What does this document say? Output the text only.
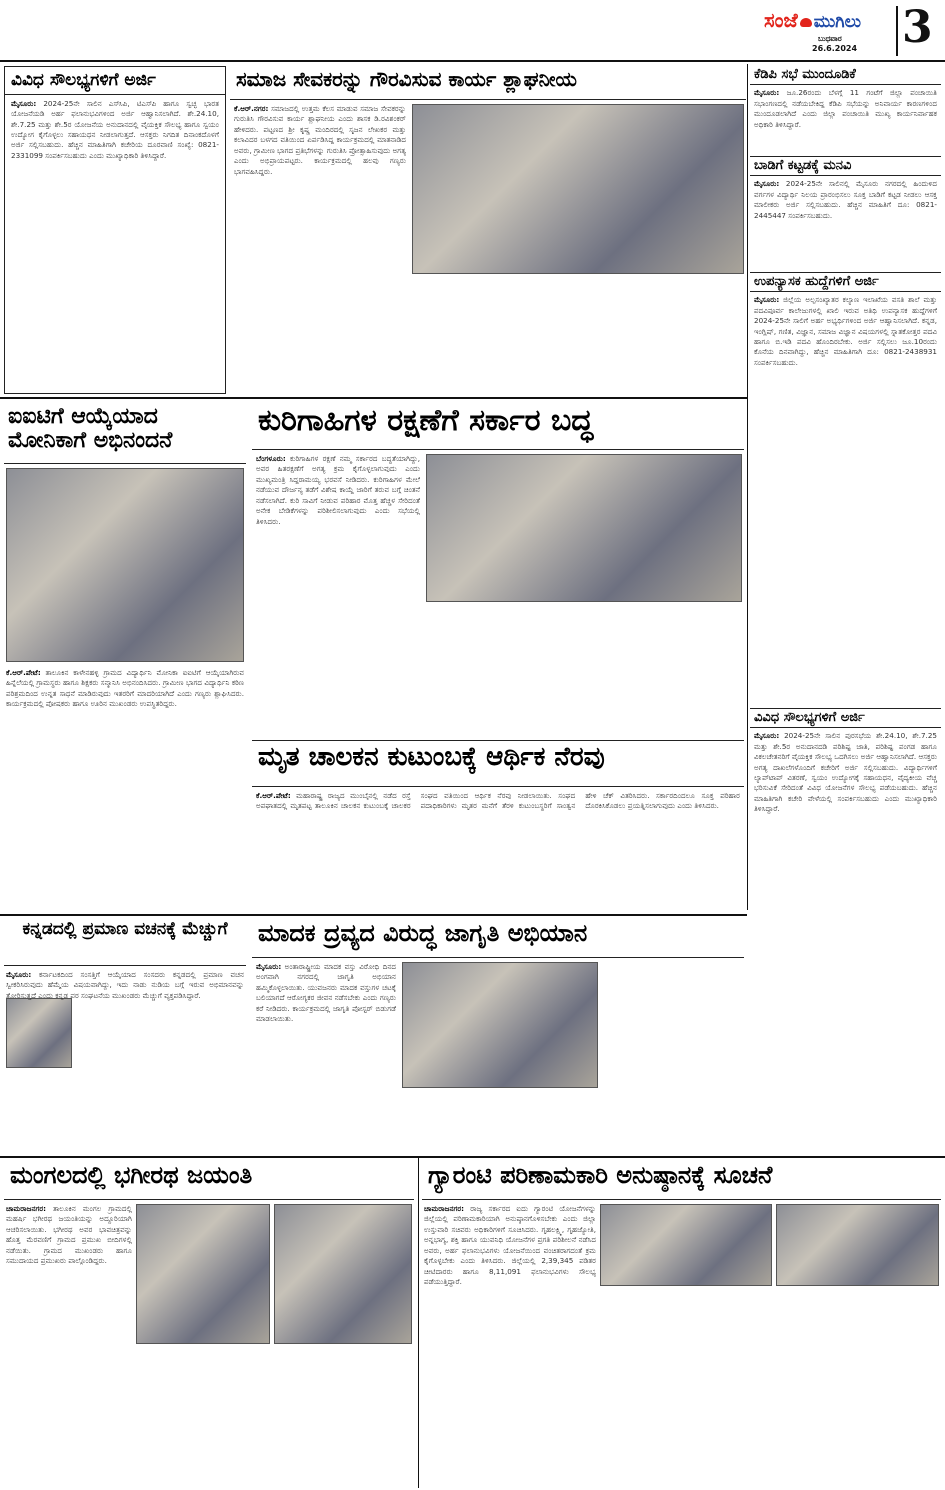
ಸಂಜೆ ಮುಗಿಲು
ಬುಧವಾರ
26.6.2024 3
ವಿವಿಧ ಸೌಲಭ್ಯಗಳಿಗೆ ಅರ್ಜಿ
ಮೈಸೂರು: 2024-25ನೇ ಸಾಲಿನ ಎಸ್‍ಸಿಪಿ, ಟಿಎಸ್‍ಪಿ ಹಾಗೂ ಸ್ವಚ್ಛ ಭಾರತ ಯೋಜನೆಯಡಿ ಅರ್ಹ ಫಲಾನುಭವಿಗಳಿಂದ ಅರ್ಜಿ ಆಹ್ವಾನಿಸಲಾಗಿದೆ. ಶೇ.24.10, ಶೇ.7.25 ಮತ್ತು ಶೇ.5ರ ಯೋಜನೆಯ ಅನುದಾನದಲ್ಲಿ ವೈಯಕ್ತಿಕ ಸೌಲಭ್ಯ ಹಾಗೂ ಸ್ವಯಂ ಉದ್ಯೋಗ ಕೈಗೊಳ್ಳಲು ಸಹಾಯಧನ ನೀಡಲಾಗುತ್ತದೆ. ಆಸಕ್ತರು ನಿಗದಿತ ದಿನಾಂಕದೊಳಗೆ ಅರ್ಜಿ ಸಲ್ಲಿಸಬಹುದು. ಹೆಚ್ಚಿನ ಮಾಹಿತಿಗಾಗಿ ಕಚೇರಿಯ ದೂರವಾಣಿ ಸಂಖ್ಯೆ: 0821-2331099 ಸಂಪರ್ಕಿಸಬಹುದು ಎಂದು ಮುಖ್ಯಾಧಿಕಾರಿ ತಿಳಿಸಿದ್ದಾರೆ.
ಸಮಾಜ ಸೇವಕರನ್ನು ಗೌರವಿಸುವ ಕಾರ್ಯ ಶ್ಲಾಘನೀಯ
ಕೆ.ಆರ್.ನಗರ: ಸಮಾಜದಲ್ಲಿ ಉತ್ತಮ ಕೆಲಸ ಮಾಡುವ ಸಮಾಜ ಸೇವಕರನ್ನು ಗುರುತಿಸಿ ಗೌರವಿಸುವ ಕಾರ್ಯ ಶ್ಲಾಘನೀಯ ಎಂದು ಶಾಸಕ ಡಿ.ರವಿಶಂಕರ್ ಹೇಳಿದರು. ಪಟ್ಟಣದ ಶ್ರೀ ಕೃಷ್ಣ ಮಂದಿರದಲ್ಲಿ ಸೃಜನ ಲೇಖಕರ ಮತ್ತು ಕಲಾವಿದರ ಬಳಗದ ವತಿಯಿಂದ ಏರ್ಪಡಿಸಿದ್ದ ಕಾರ್ಯಕ್ರಮದಲ್ಲಿ ಮಾತನಾಡಿದ ಅವರು, ಗ್ರಾಮೀಣ ಭಾಗದ ಪ್ರತಿಭೆಗಳನ್ನು ಗುರುತಿಸಿ ಪ್ರೋತ್ಸಾಹಿಸುವುದು ಅಗತ್ಯ ಎಂದು ಅಭಿಪ್ರಾಯಪಟ್ಟರು. ಕಾರ್ಯಕ್ರಮದಲ್ಲಿ ಹಲವು ಗಣ್ಯರು ಭಾಗವಹಿಸಿದ್ದರು.
ಕೆಡಿಪಿ ಸಭೆ ಮುಂದೂಡಿಕೆ
ಮೈಸೂರು: ಜೂ.26ರಂದು ಬೆಳಗ್ಗೆ 11 ಗಂಟೆಗೆ ಜಿಲ್ಲಾ ಪಂಚಾಯಿತಿ ಸಭಾಂಗಣದಲ್ಲಿ ನಡೆಯಬೇಕಿದ್ದ ಕೆಡಿಪಿ ಸಭೆಯನ್ನು ಅನಿವಾರ್ಯ ಕಾರಣಗಳಿಂದ ಮುಂದೂಡಲಾಗಿದೆ ಎಂದು ಜಿಲ್ಲಾ ಪಂಚಾಯಿತಿ ಮುಖ್ಯ ಕಾರ್ಯನಿರ್ವಾಹಕ ಅಧಿಕಾರಿ ತಿಳಿಸಿದ್ದಾರೆ.
ಬಾಡಿಗೆ ಕಟ್ಟಡಕ್ಕೆ ಮನವಿ
ಮೈಸೂರು: 2024-25ನೇ ಸಾಲಿನಲ್ಲಿ ಮೈಸೂರು ನಗರದಲ್ಲಿ ಹಿಂದುಳಿದ ವರ್ಗಗಳ ವಿದ್ಯಾರ್ಥಿ ನಿಲಯ ಪ್ರಾರಂಭಿಸಲು ಸೂಕ್ತ ಬಾಡಿಗೆ ಕಟ್ಟಡ ನೀಡಲು ಆಸಕ್ತ ಮಾಲೀಕರು ಅರ್ಜಿ ಸಲ್ಲಿಸಬಹುದು. ಹೆಚ್ಚಿನ ಮಾಹಿತಿಗೆ ದೂ: 0821-2445447 ಸಂಪರ್ಕಿಸಬಹುದು.
ಉಪನ್ಯಾಸಕ ಹುದ್ದೆಗಳಿಗೆ ಅರ್ಜಿ
ಮೈಸೂರು: ಜಿಲ್ಲೆಯ ಅಲ್ಪಸಂಖ್ಯಾತರ ಕಲ್ಯಾಣ ಇಲಾಖೆಯ ವಸತಿ ಶಾಲೆ ಮತ್ತು ಪದವಿಪೂರ್ವ ಕಾಲೇಜುಗಳಲ್ಲಿ ಖಾಲಿ ಇರುವ ಅತಿಥಿ ಉಪನ್ಯಾಸಕ ಹುದ್ದೆಗಳಿಗೆ 2024-25ನೇ ಸಾಲಿಗೆ ಅರ್ಹ ಅಭ್ಯರ್ಥಿಗಳಿಂದ ಅರ್ಜಿ ಆಹ್ವಾನಿಸಲಾಗಿದೆ. ಕನ್ನಡ, ಇಂಗ್ಲಿಷ್, ಗಣಿತ, ವಿಜ್ಞಾನ, ಸಮಾಜ ವಿಜ್ಞಾನ ವಿಷಯಗಳಲ್ಲಿ ಸ್ನಾತಕೋತ್ತರ ಪದವಿ ಹಾಗೂ ಬಿ.ಇಡಿ ಪದವಿ ಹೊಂದಿರಬೇಕು. ಅರ್ಜಿ ಸಲ್ಲಿಸಲು ಜೂ.10ರಂದು ಕೊನೆಯ ದಿನವಾಗಿದ್ದು, ಹೆಚ್ಚಿನ ಮಾಹಿತಿಗಾಗಿ ದೂ: 0821-2438931 ಸಂಪರ್ಕಿಸಬಹುದು.
ಐಐಟಿಗೆ ಆಯ್ಕೆಯಾದ ಮೋನಿಕಾಗೆ ಅಭಿನಂದನೆ
ಕೆ.ಆರ್.ಪೇಟೆ: ತಾಲೂಕಿನ ಕಾಳೇನಹಳ್ಳಿ ಗ್ರಾಮದ ವಿದ್ಯಾರ್ಥಿನಿ ಮೋನಿಕಾ ಐಐಟಿಗೆ ಆಯ್ಕೆಯಾಗಿರುವ ಹಿನ್ನೆಲೆಯಲ್ಲಿ ಗ್ರಾಮಸ್ಥರು ಹಾಗೂ ಶಿಕ್ಷಕರು ಸನ್ಮಾನಿಸಿ ಅಭಿನಂದಿಸಿದರು. ಗ್ರಾಮೀಣ ಭಾಗದ ವಿದ್ಯಾರ್ಥಿನಿ ಕಠಿಣ ಪರಿಶ್ರಮದಿಂದ ಉನ್ನತ ಸಾಧನೆ ಮಾಡಿರುವುದು ಇತರರಿಗೆ ಮಾದರಿಯಾಗಿದೆ ಎಂದು ಗಣ್ಯರು ಶ್ಲಾಘಿಸಿದರು. ಕಾರ್ಯಕ್ರಮದಲ್ಲಿ ಪೋಷಕರು ಹಾಗೂ ಊರಿನ ಮುಖಂಡರು ಉಪಸ್ಥಿತರಿದ್ದರು.
ಕುರಿಗಾಹಿಗಳ ರಕ್ಷಣೆಗೆ ಸರ್ಕಾರ ಬದ್ಧ
ಬೆಂಗಳೂರು: ಕುರಿಗಾಹಿಗಳ ರಕ್ಷಣೆ ನಮ್ಮ ಸರ್ಕಾರದ ಬದ್ಧತೆಯಾಗಿದ್ದು, ಅವರ ಹಿತರಕ್ಷಣೆಗೆ ಅಗತ್ಯ ಕ್ರಮ ಕೈಗೊಳ್ಳಲಾಗುವುದು ಎಂದು ಮುಖ್ಯಮಂತ್ರಿ ಸಿದ್ದರಾಮಯ್ಯ ಭರವಸೆ ನೀಡಿದರು. ಕುರಿಗಾಹಿಗಳ ಮೇಲೆ ನಡೆಯುವ ದೌರ್ಜನ್ಯ ತಡೆಗೆ ವಿಶೇಷ ಕಾಯ್ದೆ ಜಾರಿಗೆ ತರುವ ಬಗ್ಗೆ ಚಿಂತನೆ ನಡೆಸಲಾಗಿದೆ. ಕುರಿ ಸಾವಿಗೆ ನೀಡುವ ಪರಿಹಾರ ಮೊತ್ತ ಹೆಚ್ಚಳ ಸೇರಿದಂತೆ ಅನೇಕ ಬೇಡಿಕೆಗಳನ್ನು ಪರಿಶೀಲಿಸಲಾಗುವುದು ಎಂದು ಸಭೆಯಲ್ಲಿ ತಿಳಿಸಿದರು.
ವಿವಿಧ ಸೌಲಭ್ಯಗಳಿಗೆ ಅರ್ಜಿ
ಮೈಸೂರು: 2024-25ನೇ ಸಾಲಿನ ಪುರಸಭೆಯ ಶೇ.24.10, ಶೇ.7.25 ಮತ್ತು ಶೇ.5ರ ಅನುದಾನದಡಿ ಪರಿಶಿಷ್ಟ ಜಾತಿ, ಪರಿಶಿಷ್ಟ ಪಂಗಡ ಹಾಗೂ ವಿಕಲಚೇತನರಿಗೆ ವೈಯಕ್ತಿಕ ಸೌಲಭ್ಯ ಒದಗಿಸಲು ಅರ್ಜಿ ಆಹ್ವಾನಿಸಲಾಗಿದೆ. ಆಸಕ್ತರು ಅಗತ್ಯ ದಾಖಲೆಗಳೊಂದಿಗೆ ಕಚೇರಿಗೆ ಅರ್ಜಿ ಸಲ್ಲಿಸಬಹುದು. ವಿದ್ಯಾರ್ಥಿಗಳಿಗೆ ಲ್ಯಾಪ್‍ಟಾಪ್ ವಿತರಣೆ, ಸ್ವಯಂ ಉದ್ಯೋಗಕ್ಕೆ ಸಹಾಯಧನ, ವೈದ್ಯಕೀಯ ವೆಚ್ಚ ಭರಿಸುವಿಕೆ ಸೇರಿದಂತೆ ವಿವಿಧ ಯೋಜನೆಗಳ ಸೌಲಭ್ಯ ಪಡೆಯಬಹುದು. ಹೆಚ್ಚಿನ ಮಾಹಿತಿಗಾಗಿ ಕಚೇರಿ ವೇಳೆಯಲ್ಲಿ ಸಂಪರ್ಕಿಸಬಹುದು ಎಂದು ಮುಖ್ಯಾಧಿಕಾರಿ ತಿಳಿಸಿದ್ದಾರೆ.
ಮೃತ ಚಾಲಕನ ಕುಟುಂಬಕ್ಕೆ ಆರ್ಥಿಕ ನೆರವು
ಕೆ.ಆರ್.ಪೇಟೆ: ಮಹಾರಾಷ್ಟ್ರ ರಾಜ್ಯದ ಮುಂಬೈನಲ್ಲಿ ನಡೆದ ರಸ್ತೆ ಅಪಘಾತದಲ್ಲಿ ಮೃತಪಟ್ಟ ತಾಲೂಕಿನ ಚಾಲಕನ ಕುಟುಂಬಕ್ಕೆ ಚಾಲಕರ ಸಂಘದ ವತಿಯಿಂದ ಆರ್ಥಿಕ ನೆರವು ನೀಡಲಾಯಿತು. ಸಂಘದ ಪದಾಧಿಕಾರಿಗಳು ಮೃತರ ಮನೆಗೆ ತೆರಳಿ ಕುಟುಂಬಸ್ಥರಿಗೆ ಸಾಂತ್ವನ ಹೇಳಿ ಚೆಕ್ ವಿತರಿಸಿದರು. ಸರ್ಕಾರದಿಂದಲೂ ಸೂಕ್ತ ಪರಿಹಾರ ದೊರಕಿಸಿಕೊಡಲು ಪ್ರಯತ್ನಿಸಲಾಗುವುದು ಎಂದು ತಿಳಿಸಿದರು.
ಕನ್ನಡದಲ್ಲಿ ಪ್ರಮಾಣ ವಚನಕ್ಕೆ ಮೆಚ್ಚುಗೆ
ಮೈಸೂರು: ಕರ್ನಾಟಕದಿಂದ ಸಂಸತ್ತಿಗೆ ಆಯ್ಕೆಯಾದ ಸಂಸದರು ಕನ್ನಡದಲ್ಲಿ ಪ್ರಮಾಣ ವಚನ ಸ್ವೀಕರಿಸಿರುವುದು ಹೆಮ್ಮೆಯ ವಿಷಯವಾಗಿದ್ದು, ಇದು ನಾಡು ನುಡಿಯ ಬಗ್ಗೆ ಇರುವ ಅಭಿಮಾನವನ್ನು ತೋರಿಸುತ್ತದೆ ಎಂದು ಕನ್ನಡ ಪರ ಸಂಘಟನೆಯ ಮುಖಂಡರು ಮೆಚ್ಚುಗೆ ವ್ಯಕ್ತಪಡಿಸಿದ್ದಾರೆ.
ಮಾದಕ ದ್ರವ್ಯದ ವಿರುದ್ಧ ಜಾಗೃತಿ ಅಭಿಯಾನ
ಮೈಸೂರು: ಅಂತಾರಾಷ್ಟ್ರೀಯ ಮಾದಕ ವಸ್ತು ವಿರೋಧಿ ದಿನದ ಅಂಗವಾಗಿ ನಗರದಲ್ಲಿ ಜಾಗೃತಿ ಅಭಿಯಾನ ಹಮ್ಮಿಕೊಳ್ಳಲಾಯಿತು. ಯುವಜನರು ಮಾದಕ ವಸ್ತುಗಳ ಚಟಕ್ಕೆ ಬಲಿಯಾಗದೆ ಆರೋಗ್ಯಕರ ಜೀವನ ನಡೆಸಬೇಕು ಎಂದು ಗಣ್ಯರು ಕರೆ ನೀಡಿದರು. ಕಾರ್ಯಕ್ರಮದಲ್ಲಿ ಜಾಗೃತಿ ಪೋಸ್ಟರ್ ಬಿಡುಗಡೆ ಮಾಡಲಾಯಿತು.
ಮಂಗಲದಲ್ಲಿ ಭಗೀರಥ ಜಯಂತಿ
ಚಾಮರಾಜನಗರ: ತಾಲೂಕಿನ ಮಂಗಲ ಗ್ರಾಮದಲ್ಲಿ ಮಹರ್ಷಿ ಭಗೀರಥ ಜಯಂತಿಯನ್ನು ಅದ್ದೂರಿಯಾಗಿ ಆಚರಿಸಲಾಯಿತು. ಭಗೀರಥ ಅವರ ಭಾವಚಿತ್ರವನ್ನು ಹೊತ್ತ ಮೆರವಣಿಗೆ ಗ್ರಾಮದ ಪ್ರಮುಖ ಬೀದಿಗಳಲ್ಲಿ ನಡೆಯಿತು. ಗ್ರಾಮದ ಮುಖಂಡರು ಹಾಗೂ ಸಮುದಾಯದ ಪ್ರಮುಖರು ಪಾಲ್ಗೊಂಡಿದ್ದರು.
ಗ್ಯಾರಂಟಿ ಪರಿಣಾಮಕಾರಿ ಅನುಷ್ಠಾನಕ್ಕೆ ಸೂಚನೆ
ಚಾಮರಾಜನಗರ: ರಾಜ್ಯ ಸರ್ಕಾರದ ಐದು ಗ್ಯಾರಂಟಿ ಯೋಜನೆಗಳನ್ನು ಜಿಲ್ಲೆಯಲ್ಲಿ ಪರಿಣಾಮಕಾರಿಯಾಗಿ ಅನುಷ್ಠಾನಗೊಳಿಸಬೇಕು ಎಂದು ಜಿಲ್ಲಾ ಉಸ್ತುವಾರಿ ಸಚಿವರು ಅಧಿಕಾರಿಗಳಿಗೆ ಸೂಚಿಸಿದರು. ಗೃಹಲಕ್ಷ್ಮಿ, ಗೃಹಜ್ಯೋತಿ, ಅನ್ನಭಾಗ್ಯ, ಶಕ್ತಿ ಹಾಗೂ ಯುವನಿಧಿ ಯೋಜನೆಗಳ ಪ್ರಗತಿ ಪರಿಶೀಲನೆ ನಡೆಸಿದ ಅವರು, ಅರ್ಹ ಫಲಾನುಭವಿಗಳು ಯೋಜನೆಯಿಂದ ವಂಚಿತರಾಗದಂತೆ ಕ್ರಮ ಕೈಗೊಳ್ಳಬೇಕು ಎಂದು ತಿಳಿಸಿದರು. ಜಿಲ್ಲೆಯಲ್ಲಿ 2,39,345 ಪಡಿತರ ಚೀಟಿದಾರರು ಹಾಗೂ 8,11,091 ಫಲಾನುಭವಿಗಳು ಸೌಲಭ್ಯ ಪಡೆಯುತ್ತಿದ್ದಾರೆ.
